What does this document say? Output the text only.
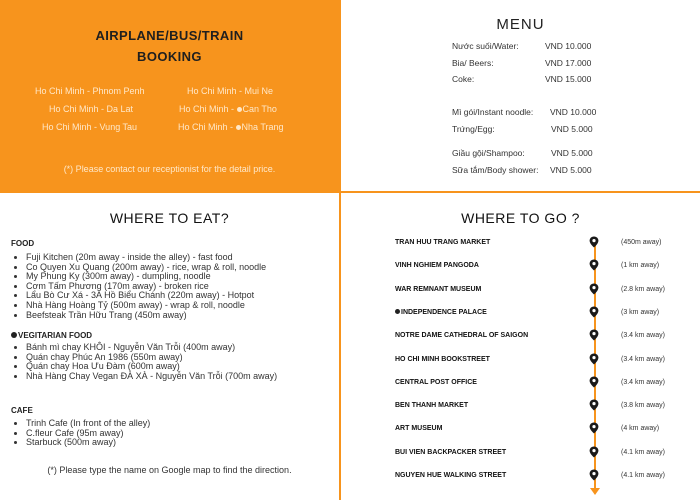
AIRPLANE/BUS/TRAIN
BOOKING
Ho Chi Minh - Phnom Penh	Ho Chi Minh - Mui Ne
Ho Chi Minh - Da Lat	Ho Chi Minh - Can Tho
Ho Chi Minh - Vung Tau	Ho Chi Minh - Nha Trang
(*) Please contact our receptionist for the detail price.
MENU
Nước suối/Water:	VND 10.000
Bia/ Beers:	VND 17.000
Coke:	VND 15.000
Mì gói/Instant noodle: VND 10.000
Trứng/Egg:	VND 5.000
Giầu gội/Shampoo:	VND 5.000
Sữa tắm/Body shower: VND 5.000
WHERE TO EAT?
FOOD
• Fuji Kitchen (20m away - inside the alley) - fast food
• Co Quyen Xu Quang (200m away) - rice, wrap & roll, noodle
• My Phung Ky (300m away) - dumpling, noodle
• Cơm Tấm Phương (170m away) - broken rice
• Lẩu Bò Cư Xá - 3A Hồ Biểu Chánh (220m away) - Hotpot
• Nhà Hàng Hoàng Tỷ (500m away) - wrap & roll, noodle
• Beefsteak Trần Hữu Trang (450m away)
VEGITARIAN FOOD
• Bánh mì chay KHÔI - Nguyễn Văn Trỗi (400m away)
• Quán chay Phúc An 1986 (550m away)
• Quán chay Hoa Ưu Đàm (600m away)
• Nhà Hàng Chay Vegan ĐÀ XÀ - Nguyễn Văn Trỗi (700m away)
CAFE
• Trinh Cafe (In front of the alley)
• C.fleur Cafe (95m away)
• Starbuck (500m away)
(*) Please type the name on Google map to find the direction.
WHERE TO GO ?
TRAN HUU TRANG MARKET	(450m away)
VINH NGHIEM PANGODA	(1 km away)
WAR REMNANT MUSEUM	(2.8 km away)
INDEPENDENCE PALACE	(3 km away)
NOTRE DAME CATHEDRAL OF SAIGON	(3.4 km away)
HO CHI MINH BOOKSTREET	(3.4 km away)
CENTRAL POST OFFICE	(3.4 km away)
BEN THANH MARKET	(3.8 km away)
ART MUSEUM	(4 km away)
BUI VIEN BACKPACKER STREET	(4.1 km away)
NGUYEN HUE WALKING STREET	(4.1 km away)
